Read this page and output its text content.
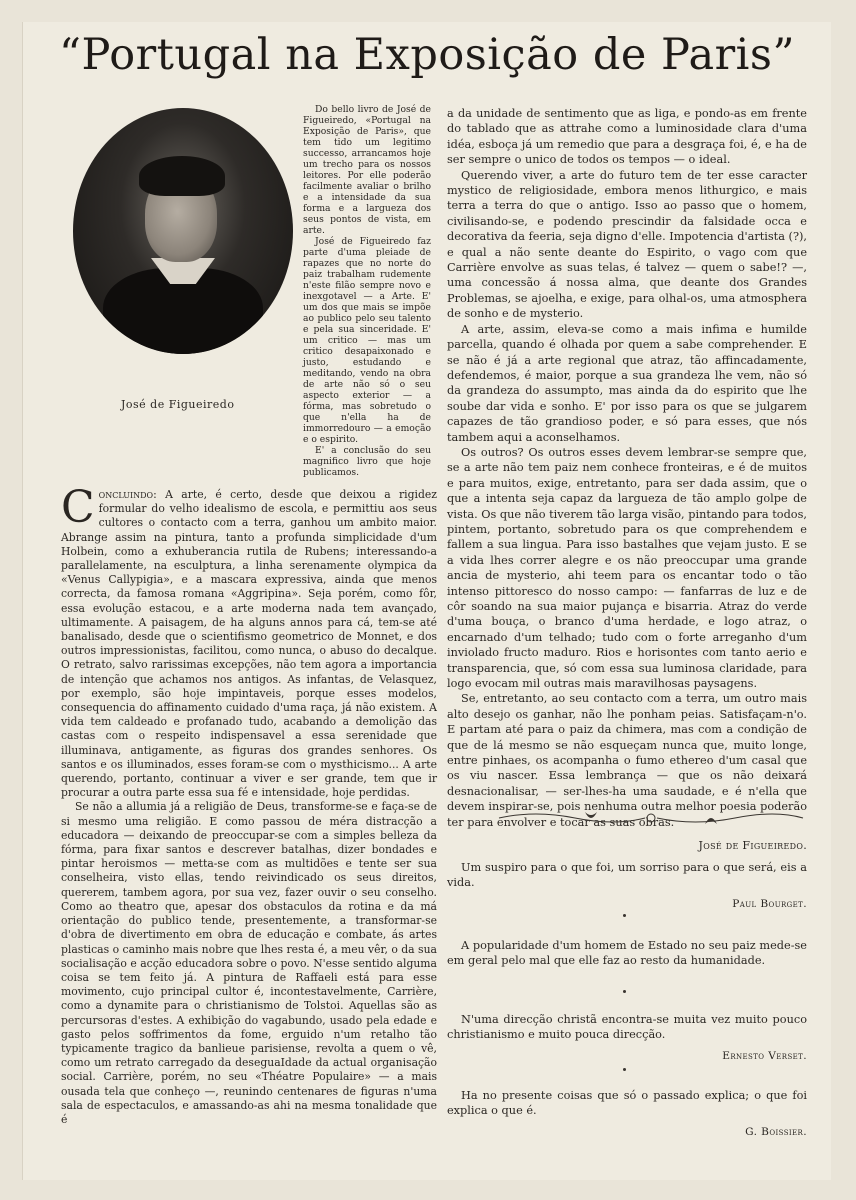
“Portugal na Exposição de Paris”
José de Figueiredo

Do bello livro de José de Figueiredo, «Portugal na Exposição de Paris», que tem tido um legitimo successo, arrancamos hoje um trecho para os nossos leitores. Por elle poderão facilmente avaliar o brilho e a intensidade da sua forma e a largueza dos seus pontos de vista, em arte.

José de Figueiredo faz parte d'uma pleiade de rapazes que no norte do paiz trabalham rudemente n'este filão sempre novo e inexgotavel — a Arte. E' um dos que mais se impõe ao publico pelo seu talento e pela sua sinceridade. E' um critico — mas um critico desapaixonado e justo, estudando e meditando, vendo na obra de arte não só o seu aspecto exterior — a fórma, mas sobretudo o que n'ella ha de immorredouro — a emoção e o espirito.

E' a conclusão do seu magnifico livro que hoje publicamos.

Concluindo: A arte, é certo, desde que deixou a rigidez formular do velho idealismo de escola, e permittiu aos seus cultores o contacto com a terra, ganhou um ambito maior. Abrange assim na pintura, tanto a profunda simplicidade d'um Holbein, como a exhuberancia rutila de Rubens; interessando-a parallelamente, na esculptura, a linha serenamente olympica da «Venus Callypigia», e a mascara expressiva, ainda que menos correcta, da famosa romana «Aggripina». Seja porém, como fôr, essa evolução estacou, e a arte moderna nada tem avançado, ultimamente. A paisagem, de ha alguns annos para cá, tem-se até banalisado, desde que o scientifismo geometrico de Monnet, e dos outros impressionistas, facilitou, como nunca, o abuso do decalque. O retrato, salvo rarissimas excepções, não tem agora a importancia de intenção que achamos nos antigos. As infantas, de Velasquez, por exemplo, são hoje impintaveis, porque esses modelos, consequencia do affinamento cuidado d'uma raça, já não existem. A vida tem caldeado e profanado tudo, acabando a demolição das castas com o respeito indispensavel a essa serenidade que illuminava, antigamente, as figuras dos grandes senhores. Os santos e os illuminados, esses foram-se com o mysthicismo... A arte querendo, portanto, continuar a viver e ser grande, tem que ir procurar a outra parte essa sua fé e intensidade, hoje perdidas.

Se não a allumia já a religião de Deus, transforme-se e faça-se de si mesmo uma religião. E como passou de méra distracção a educadora — deixando de preoccupar-se com a simples belleza da fórma, para fixar santos e descrever batalhas, dizer bondades e pintar heroismos — metta-se com as multidões e tente ser sua conselheira, visto ellas, tendo reivindicado os seus direitos, quererem, tambem agora, por sua vez, fazer ouvir o seu conselho. Como ao theatro que, apesar dos obstaculos da rotina e da má orientação do publico tende, presentemente, a transformar-se d'obra de divertimento em obra de educação e combate, ás artes plasticas o caminho mais nobre que lhes resta é, a meu vêr, o da sua socialisação e acção educadora sobre o povo. N'esse sentido alguma coisa se tem feito já. A pintura de Raffaeli está para esse movimento, cujo principal cultor é, incontestavelmente, Carrière, como a dynamite para o christianismo de Tolstoi. Aquellas são as percursoras d'estes. A exhibição do vagabundo, usado pela edade e gasto pelos soffrimentos da fome, erguido n'um retalho tão typicamente tragico da banlieue parisiense, revolta a quem o vê, como um retrato carregado da deseguaIdade da actual organisação social. Carrière, porém, no seu «Théatre Populaire» — a mais ousada tela que conheço —, reunindo centenares de figuras n'uma sala de espectaculos, e amassando-as ahi na mesma tonalidade que é

a da unidade de sentimento que as liga, e pondo-as em frente do tablado que as attrahe como a luminosidade clara d'uma idéa, esboça já um remedio que para a desgraça foi, é, e ha de ser sempre o unico de todos os tempos — o ideal.

Querendo viver, a arte do futuro tem de ter esse caracter mystico de religiosidade, embora menos lithurgico, e mais terra a terra do que o antigo. Isso ao passo que o homem, civilisando-se, e podendo prescindir da falsidade occa e decorativa da feeria, seja digno d'elle. Impotencia d'artista (?), e qual a não sente deante do Espirito, o vago com que Carrière envolve as suas telas, é talvez — quem o sabe!? —, uma concessão á nossa alma, que deante dos Grandes Problemas, se ajoelha, e exige, para olhal-os, uma atmosphera de sonho e de mysterio.

A arte, assim, eleva-se como a mais infima e humilde parcella, quando é olhada por quem a sabe comprehender. E se não é já a arte regional que atraz, tão affincadamente, defendemos, é maior, porque a sua grandeza lhe vem, não só da grandeza do assumpto, mas ainda da do espirito que lhe soube dar vida e sonho. E' por isso para os que se julgarem capazes de tão grandioso poder, e só para esses, que nós tambem aqui a aconselhamos.

Os outros? Os outros esses devem lembrar-se sempre que, se a arte não tem paiz nem conhece fronteiras, e é de muitos e para muitos, exige, entretanto, para ser dada assim, que o que a intenta seja capaz da largueza de tão amplo golpe de vista. Os que não tiverem tão larga visão, pintando para todos, pintem, portanto, sobretudo para os que comprehendem e fallem a sua lingua. Para isso bastalhes que vejam justo. E se a vida lhes correr alegre e os não preoccupar uma grande ancia de mysterio, ahi teem para os encantar todo o tão intenso pittoresco do nosso campo: — fanfarras de luz e de côr soando na sua maior pujança e bisarria. Atraz do verde d'uma bouça, o branco d'uma herdade, e logo atraz, o encarnado d'um telhado; tudo com o forte arreganho d'um inviolado fructo maduro. Rios e horisontes com tanto aerio e transparencia, que, só com essa sua luminosa claridade, para logo evocam mil outras mais maravilhosas paysagens.

Se, entretanto, ao seu contacto com a terra, um outro mais alto desejo os ganhar, não lhe ponham peias. Satisfaçam-n'o. E partam até para o paiz da chimera, mas com a condição de que de lá mesmo se não esqueçam nunca que, muito longe, entre pinhaes, os acompanha o fumo ethereo d'um casal que os viu nascer. Essa lembrança — que os não deixará desnacionalisar, — ser-lhes-ha uma saudade, e é n'ella que devem inspirar-se, pois nenhuma outra melhor poesia poderão ter para envolver e tocar as suas obras.

José de Figueiredo.

Um suspiro para o que foi, um sorriso para o que será, eis a vida.

Paul Bourget.

A popularidade d'um homem de Estado no seu paiz mede-se em geral pelo mal que elle faz ao resto da humanidade.

N'uma direcção christã encontra-se muita vez muito pouco christianismo e muito pouca direcção.

Ernesto Verset.

Ha no presente coisas que só o passado explica; o que foi explica o que é.

G. Boissier.
